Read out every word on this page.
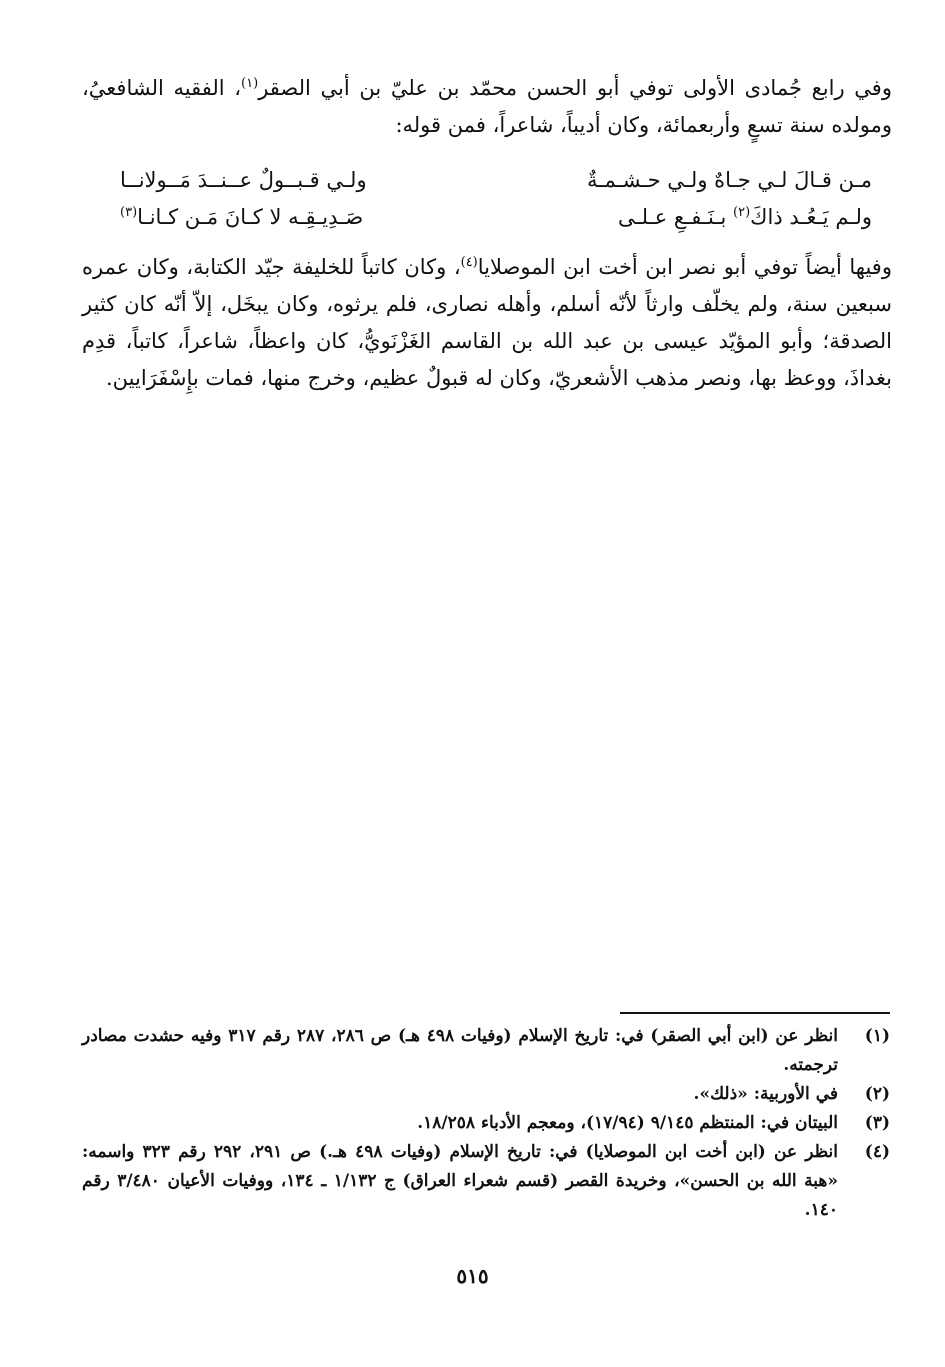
وفي رابع جُمادى الأولى توفي أبو الحسن محمّد بن عليّ بن أبي الصقر$^{(١)}$، الفقيه الشافعيُ، ومولده سنة تسعٍ وأربعمائة، وكان أديباً، شاعراً، فمن قوله:

مـن قـالَ لـي جـاهٌ ولـي حـشـمـةٌ
ولـي قـبــولٌ عــنــدَ مَــولانــا
ولـم يَـعُـد ذاكَ$^{(٢)}$ بـنَـفـعِ عـلـى
صَـدِيـقِـه لا كـانَ مَـن كـانـا$^{(٣)}$

وفيها أيضاً توفي أبو نصر ابن أخت ابن الموصلايا$^{(٤)}$، وكان كاتباً للخليفة جيّد الكتابة، وكان عمره سبعين سنة، ولم يخلّف وارثاً لأنّه أسلم، وأهله نصارى، فلم يرثوه، وكان يبخَل، إلاّ أنّه كان كثير الصدقة؛ وأبو المؤيّد عيسى بن عبد الله بن القاسم الغَزْنَويُّ، كان واعظاً، شاعراً، كاتباً، قدِم بغداذَ، ووعظ بها، ونصر مذهب الأشعريّ، وكان له قبولٌ عظيم، وخرج منها، فمات بإِسْفَرَايين.

(١)
انظر عن (ابن أبي الصقر) في: تاريخ الإسلام (وفيات ٤٩٨ هـ) ص ٢٨٦، ٢٨٧ رقم ٣١٧ وفيه حشدت مصادر ترجمته.
(٢)
في الأوربية: «ذلك».
(٣)
البيتان في: المنتظم ٩/١٤٥ (١٧/٩٤)، ومعجم الأدباء ١٨/٢٥٨.
(٤)
انظر عن (ابن أخت ابن الموصلايا) في: تاريخ الإسلام (وفيات ٤٩٨ هـ.) ص ٢٩١، ٢٩٢ رقم ٣٢٣ واسمه: «هبة الله بن الحسن»، وخريدة القصر (قسم شعراء العراق) ج ١/١٣٢ ـ ١٣٤، ووفيات الأعيان ٣/٤٨٠ رقم ١٤٠.
٥١٥
